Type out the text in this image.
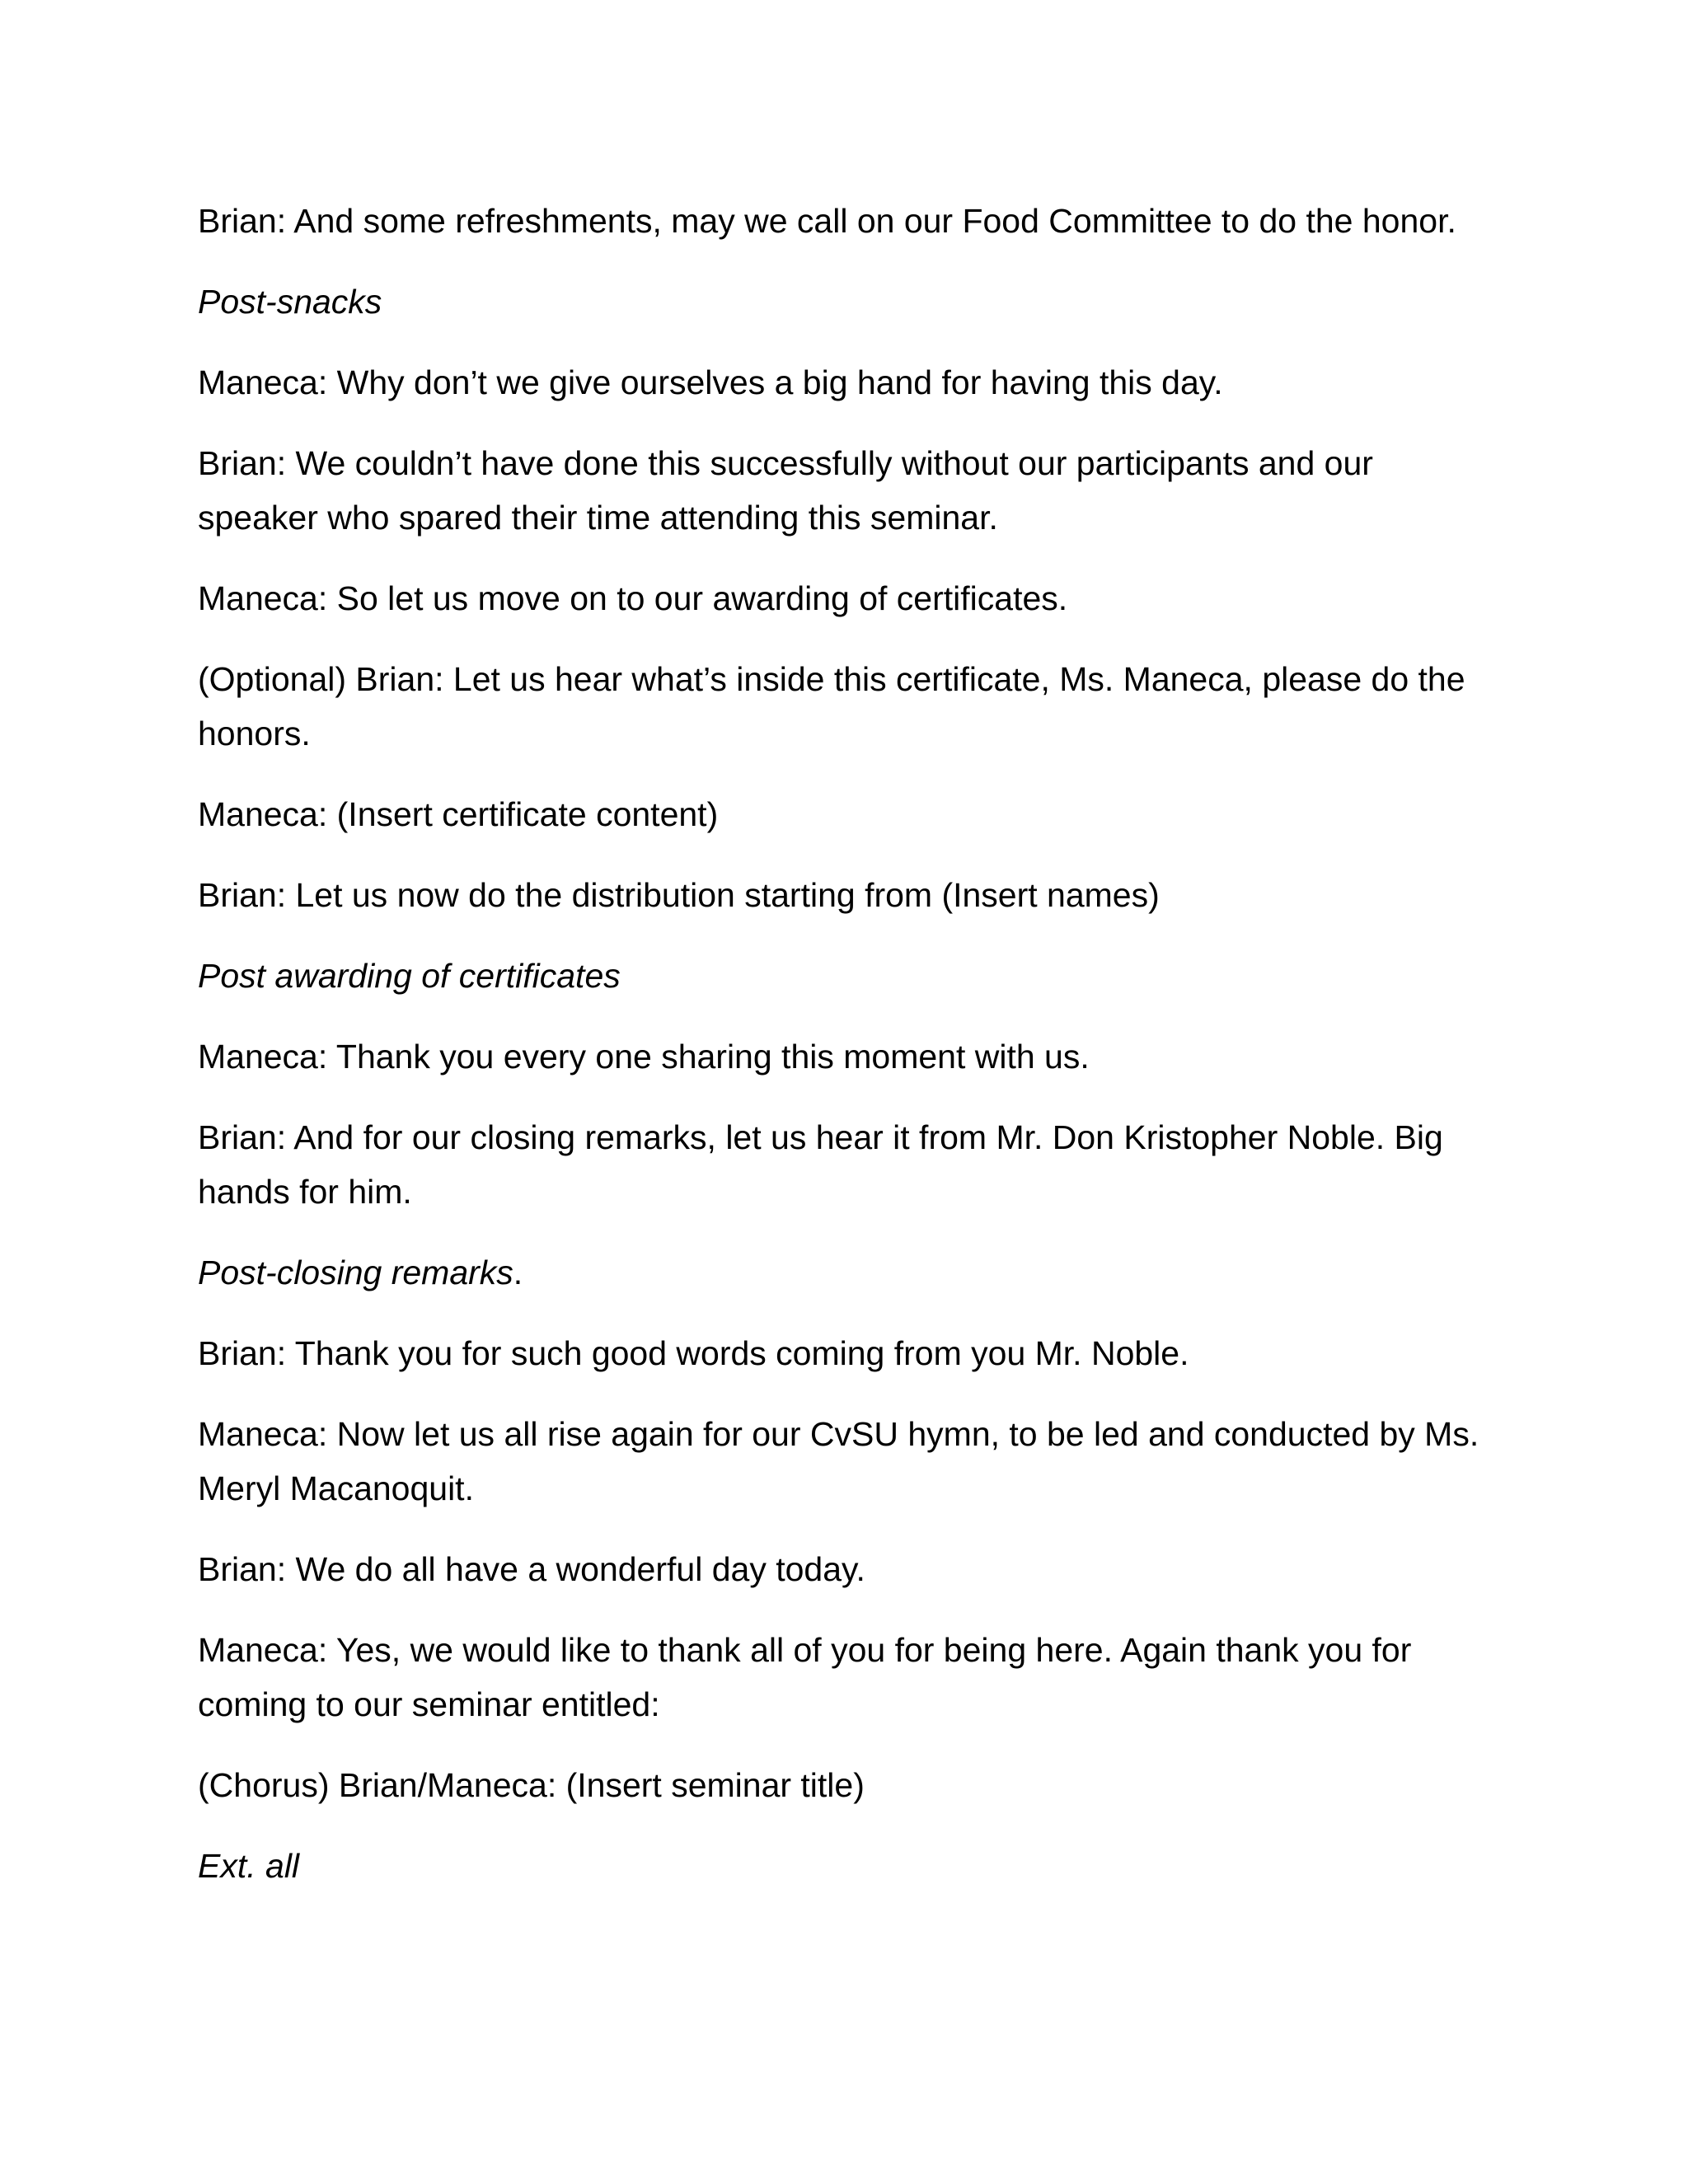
Brian: And some refreshments, may we call on our Food Committee to do the honor.

Post-snacks

Maneca: Why don’t we give ourselves a big hand for having this day.

Brian: We couldn’t have done this successfully without our participants and our speaker who spared their time attending this seminar.

Maneca: So let us move on to our awarding of certificates.

(Optional) Brian: Let us hear what’s inside this certificate, Ms. Maneca, please do the honors.

Maneca: (Insert certificate content)

Brian: Let us now do the distribution starting from (Insert names)

Post awarding of certificates

Maneca: Thank you every one sharing this moment with us.

Brian: And for our closing remarks, let us hear it from Mr. Don Kristopher Noble. Big hands for him.

Post-closing remarks.

Brian: Thank you for such good words coming from you Mr. Noble.

Maneca: Now let us all rise again for our CvSU hymn, to be led and conducted by Ms. Meryl Macanoquit.

Brian: We do all have a wonderful day today.

Maneca: Yes, we would like to thank all of you for being here. Again thank you for coming to our seminar entitled:

(Chorus) Brian/Maneca: (Insert seminar title)

Ext. all
